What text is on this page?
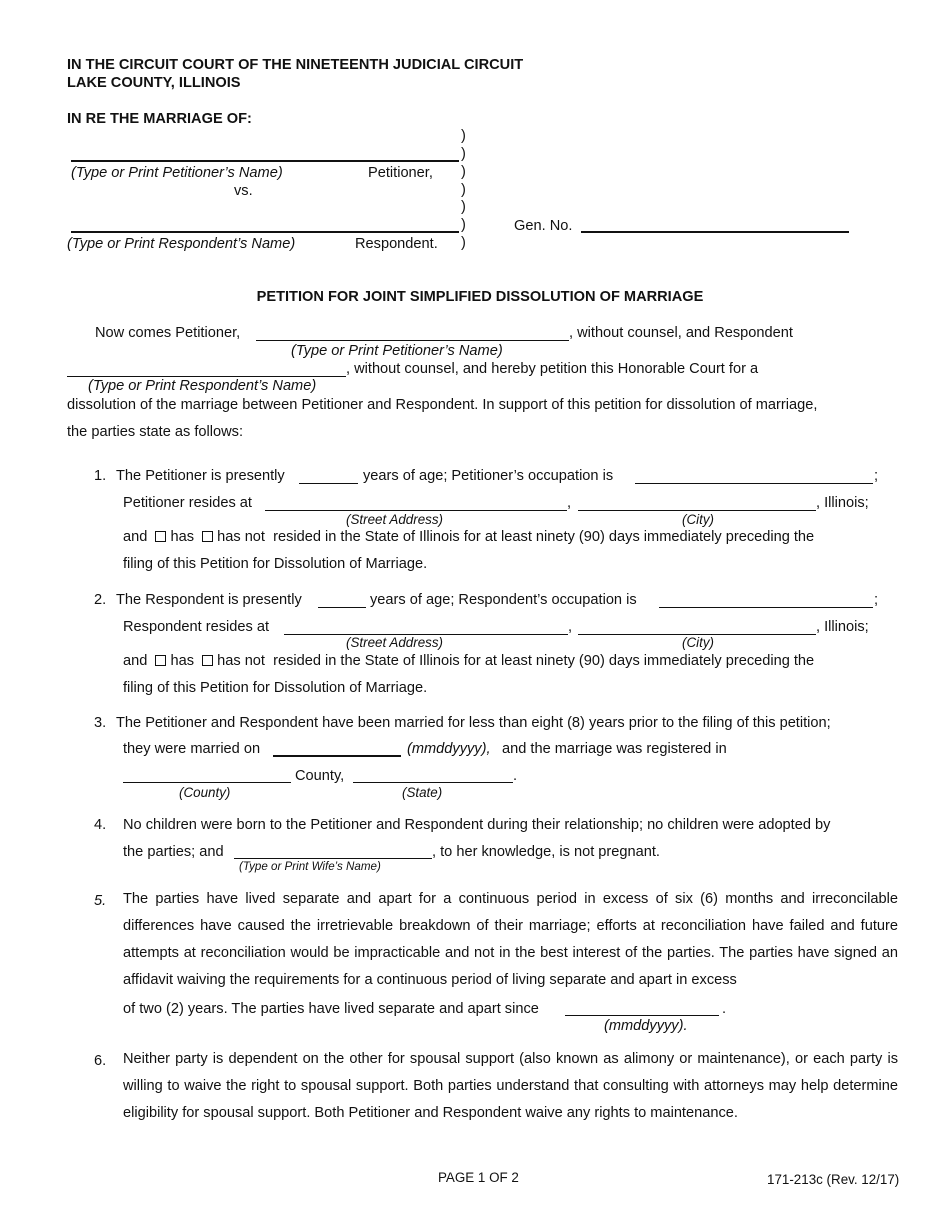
IN THE CIRCUIT COURT OF THE NINETEENTH JUDICIAL CIRCUIT
LAKE COUNTY, ILLINOIS
IN RE THE MARRIAGE OF:
)
)
)
)
)
)
)
(Type or Print Petitioner’s Name)	Petitioner,
vs.
(Type or Print Respondent’s Name)	Respondent.
Gen. No.
PETITION FOR JOINT SIMPLIFIED DISSOLUTION OF MARRIAGE
Now comes Petitioner,	, without counsel, and Respondent
(Type or Print Petitioner’s Name)
, without counsel, and hereby petition this Honorable Court for a
(Type or Print Respondent’s Name)
dissolution of the marriage between Petitioner and Respondent. In support of this petition for dissolution of marriage,
the parties state as follows:
1. The Petitioner is presently	years of age; Petitioner’s occupation is	;
Petitioner resides at	,	, Illinois;
(Street Address)	(City)
and has has not resided in the State of Illinois for at least ninety (90) days immediately preceding the
filing of this Petition for Dissolution of Marriage.
2. The Respondent is presently	years of age; Respondent’s occupation is	;
Respondent resides at	,	, Illinois;
(Street Address)	(City)
and has has not resided in the State of Illinois for at least ninety (90) days immediately preceding the
filing of this Petition for Dissolution of Marriage.
3. The Petitioner and Respondent have been married for less than eight (8) years prior to the filing of this petition;
they were married on	(mmddyyyy), and the marriage was registered in
County,	.
(County)	(State)
4. No children were born to the Petitioner and Respondent during their relationship; no children were adopted by
the parties; and	, to her knowledge, is not pregnant.
(Type or Print Wife’s Name)
5. The parties have lived separate and apart for a continuous period in excess of six (6) months and irreconcilable differences have caused the irretrievable breakdown of their marriage; efforts at reconciliation have failed and future attempts at reconciliation would be impracticable and not in the best interest of the parties. The parties have signed an affidavit waiving the requirements for a continuous period of living separate and apart in excess
of two (2) years. The parties have lived separate and apart since	.
(mmddyyyy).
6. Neither party is dependent on the other for spousal support (also known as alimony or maintenance), or each party is willing to waive the right to spousal support. Both parties understand that consulting with attorneys may help determine eligibility for spousal support. Both Petitioner and Respondent waive any rights to maintenance.
PAGE 1 OF 2	171-213c (Rev. 12/17)
